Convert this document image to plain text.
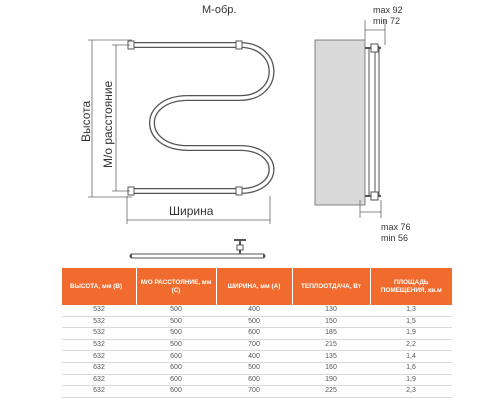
М-обр.
Высота М/о расстояние
Ширина
max 92
min 72
max 76
min 56
ВЫСОТА, мм (В)	М/О РАССТОЯНИЕ, мм (С)	ШИРИНА, мм (А)	ТЕПЛООТДАЧА, Вт	ПЛОЩАДЬ ПОМЕЩЕНИЯ, кв.м
532	500	400	130	1,3
532	500	500	150	1,5
532	500	600	185	1,9
532	500	700	215	2,2
632	600	400	135	1,4
632	600	500	160	1,6
632	600	600	190	1,9
632	600	700	225	2,3
